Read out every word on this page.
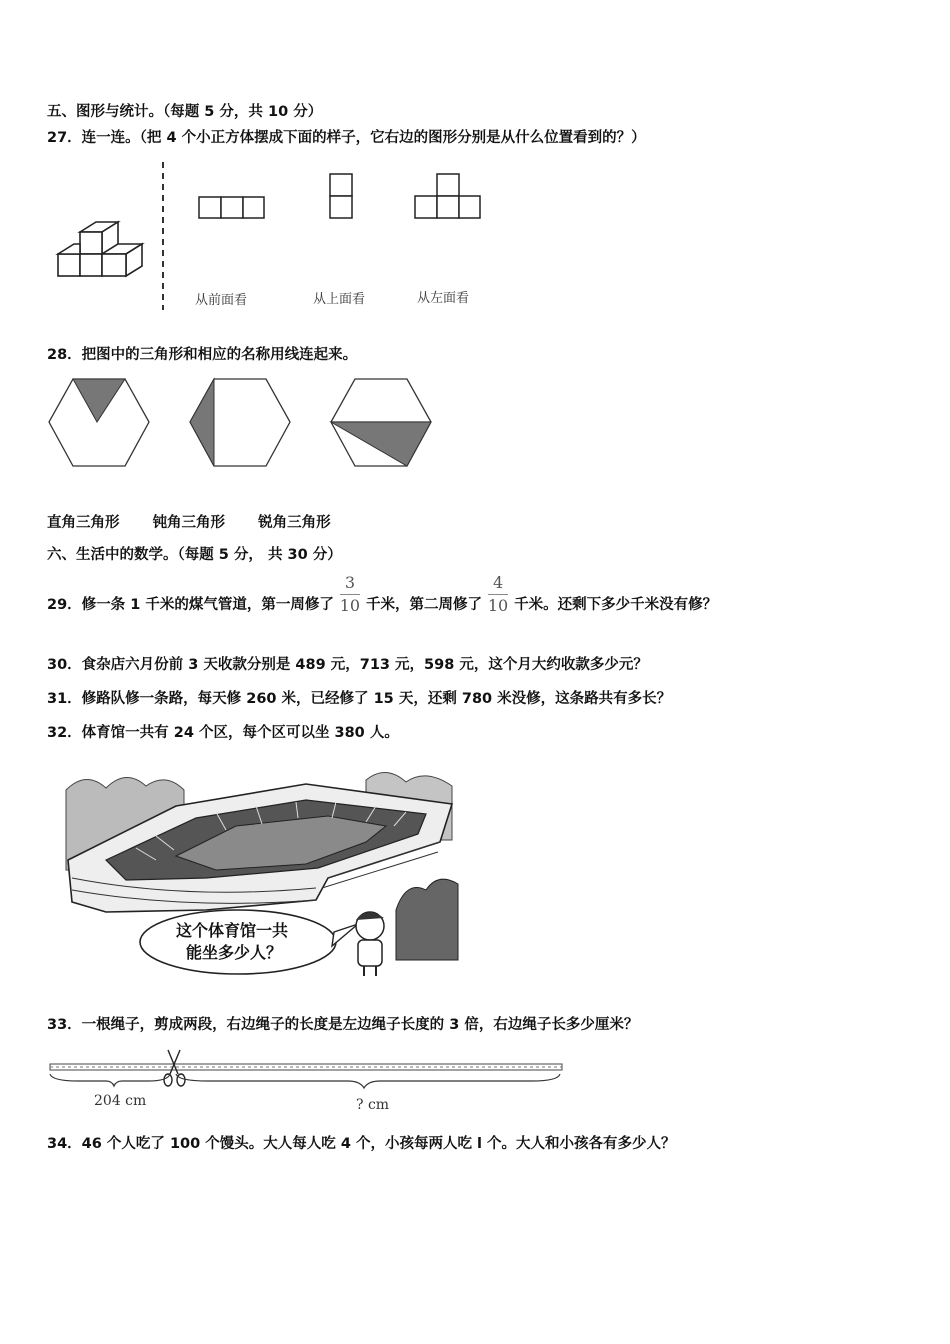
五、图形与统计。（每题 5 分，共 10 分）
27．连一连。（把 4 个小正方体摆成下面的样子，它右边的图形分别是从什么位置看到的？）
从前面看	从上面看	从左面看
28．把图中的三角形和相应的名称用线连起来。
直角三角形 钝角三角形 锐角三角形
六、生活中的数学。（每题 5 分， 共 30 分）
29．修一条 1 千米的煤气管道，第一周修了 $\frac{3}{10}$ 千米，第二周修了 $\frac{4}{10}$ 千米。还剩下多少千米没有修？
30．食杂店六月份前 3 天收款分别是 489 元，713 元，598 元，这个月大约收款多少元？
31．修路队修一条路，每天修 260 米，已经修了 15 天，还剩 780 米没修，这条路共有多长？
32．体育馆一共有 24 个区，每个区可以坐 380 人。
这个体育馆一共
能坐多少人？
33．一根绳子，剪成两段，右边绳子的长度是左边绳子长度的 3 倍，右边绳子长多少厘米？
204 cm	? cm
34．46 个人吃了 100 个馒头。大人每人吃 4 个，小孩每两人吃 l 个。大人和小孩各有多少人？
